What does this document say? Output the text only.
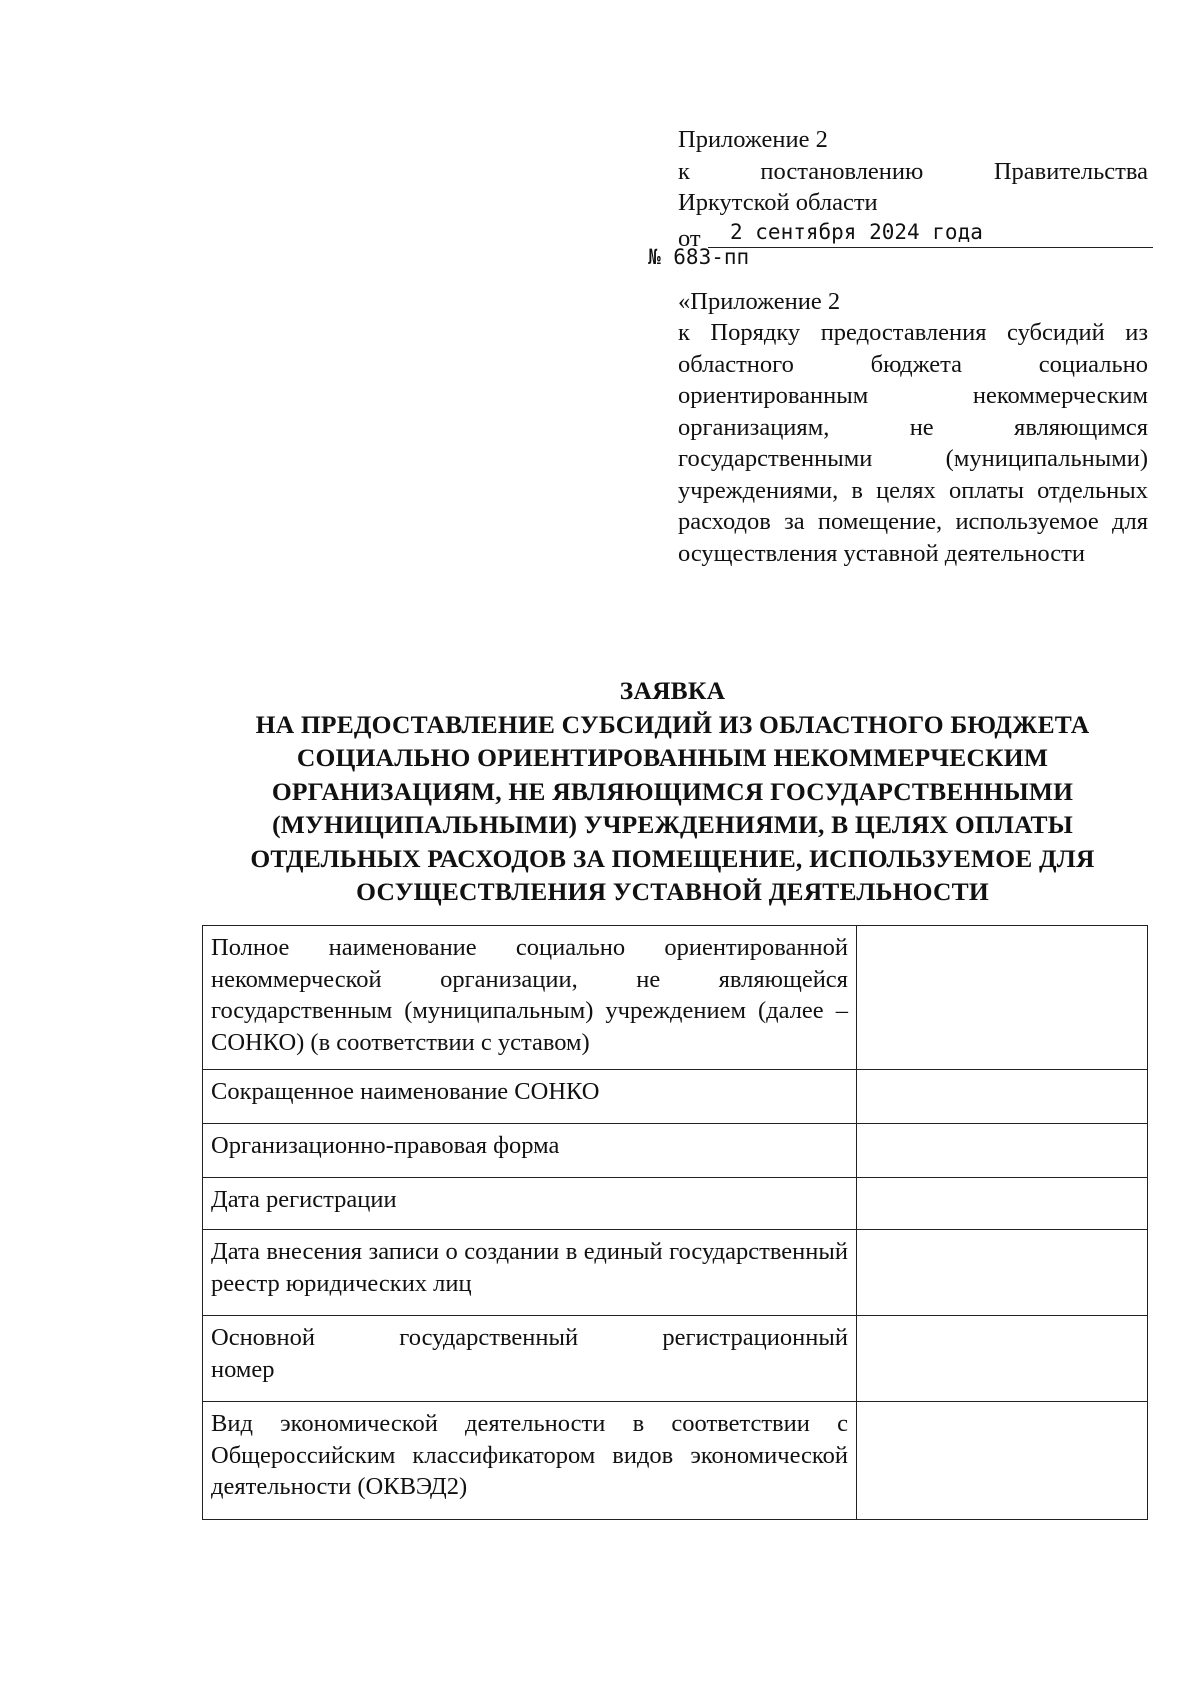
Приложение 2

к	постановлению	Правительства

Иркутской области

от 2 сентября 2024 года
№ 683-пп

«Приложение 2

к Порядку предоставления субсидий из областного бюджета социально ориентированным некоммерческим организациям, не являющимся государственными (муниципальными) учреждениями, в целях оплаты отдельных расходов за помещение, используемое для осуществления уставной деятельности

ЗАЯВКА
НА ПРЕДОСТАВЛЕНИЕ СУБСИДИЙ ИЗ ОБЛАСТНОГО БЮДЖЕТА
СОЦИАЛЬНО ОРИЕНТИРОВАННЫМ НЕКОММЕРЧЕСКИМ
ОРГАНИЗАЦИЯМ, НЕ ЯВЛЯЮЩИМСЯ ГОСУДАРСТВЕННЫМИ
(МУНИЦИПАЛЬНЫМИ) УЧРЕЖДЕНИЯМИ, В ЦЕЛЯХ ОПЛАТЫ
ОТДЕЛЬНЫХ РАСХОДОВ ЗА ПОМЕЩЕНИЕ, ИСПОЛЬЗУЕМОЕ ДЛЯ
ОСУЩЕСТВЛЕНИЯ УСТАВНОЙ ДЕЯТЕЛЬНОСТИ
Полное наименование социально ориентированной некоммерческой организации, не являющейся государственным (муниципальным) учреждением (далее – СОНКО) (в соответствии с уставом)	

Сокращенное наименование СОНКО	

Организационно-правовая форма	

Дата регистрации	

Дата внесения записи о создании в единый государственный реестр юридических лиц	

Основной государственный регистрационный номер	

Вид экономической деятельности в соответствии с Общероссийским классификатором видов экономической деятельности (ОКВЭД2)	
